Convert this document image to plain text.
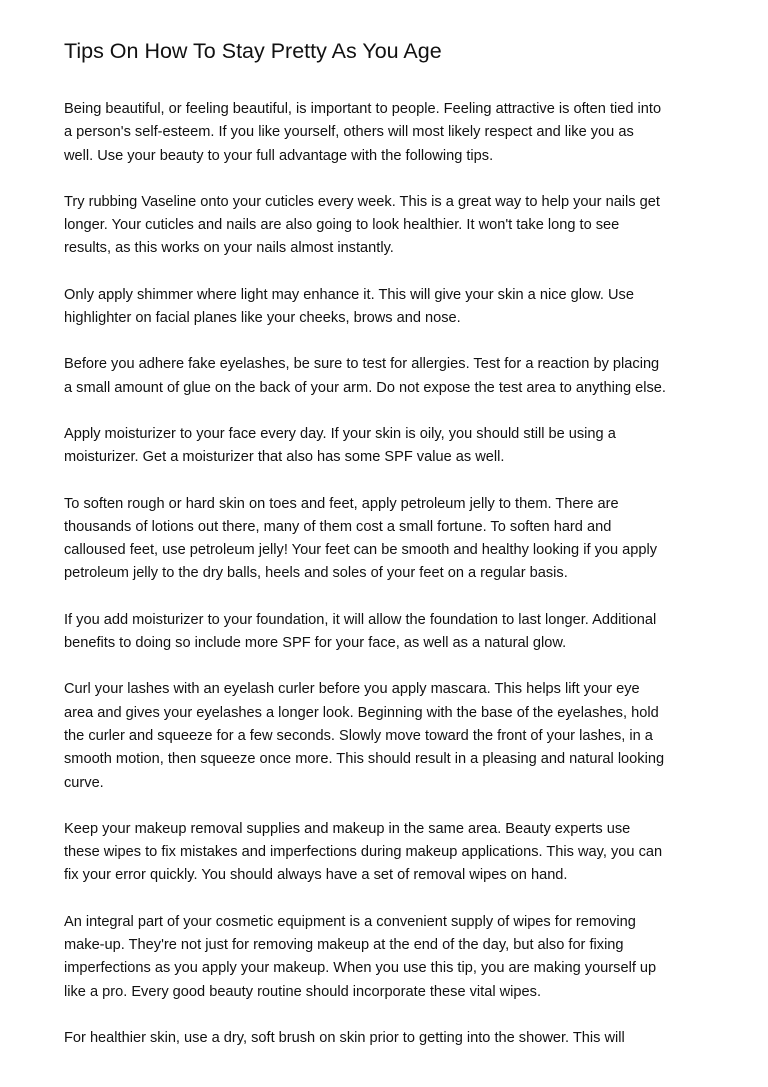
Tips On How To Stay Pretty As You Age

Being beautiful, or feeling beautiful, is important to people. Feeling attractive is often tied into
a person's self-esteem. If you like yourself, others will most likely respect and like you as
well. Use your beauty to your full advantage with the following tips.

Try rubbing Vaseline onto your cuticles every week. This is a great way to help your nails get
longer. Your cuticles and nails are also going to look healthier. It won't take long to see
results, as this works on your nails almost instantly.

Only apply shimmer where light may enhance it. This will give your skin a nice glow. Use
highlighter on facial planes like your cheeks, brows and nose.

Before you adhere fake eyelashes, be sure to test for allergies. Test for a reaction by placing
a small amount of glue on the back of your arm. Do not expose the test area to anything else.

Apply moisturizer to your face every day. If your skin is oily, you should still be using a
moisturizer. Get a moisturizer that also has some SPF value as well.

To soften rough or hard skin on toes and feet, apply petroleum jelly to them. There are
thousands of lotions out there, many of them cost a small fortune. To soften hard and
calloused feet, use petroleum jelly! Your feet can be smooth and healthy looking if you apply
petroleum jelly to the dry balls, heels and soles of your feet on a regular basis.

If you add moisturizer to your foundation, it will allow the foundation to last longer. Additional
benefits to doing so include more SPF for your face, as well as a natural glow.

Curl your lashes with an eyelash curler before you apply mascara. This helps lift your eye
area and gives your eyelashes a longer look. Beginning with the base of the eyelashes, hold
the curler and squeeze for a few seconds. Slowly move toward the front of your lashes, in a
smooth motion, then squeeze once more. This should result in a pleasing and natural looking
curve.

Keep your makeup removal supplies and makeup in the same area. Beauty experts use
these wipes to fix mistakes and imperfections during makeup applications. This way, you can
fix your error quickly. You should always have a set of removal wipes on hand.

An integral part of your cosmetic equipment is a convenient supply of wipes for removing
make-up. They're not just for removing makeup at the end of the day, but also for fixing
imperfections as you apply your makeup. When you use this tip, you are making yourself up
like a pro. Every good beauty routine should incorporate these vital wipes.

For healthier skin, use a dry, soft brush on skin prior to getting into the shower. This will
